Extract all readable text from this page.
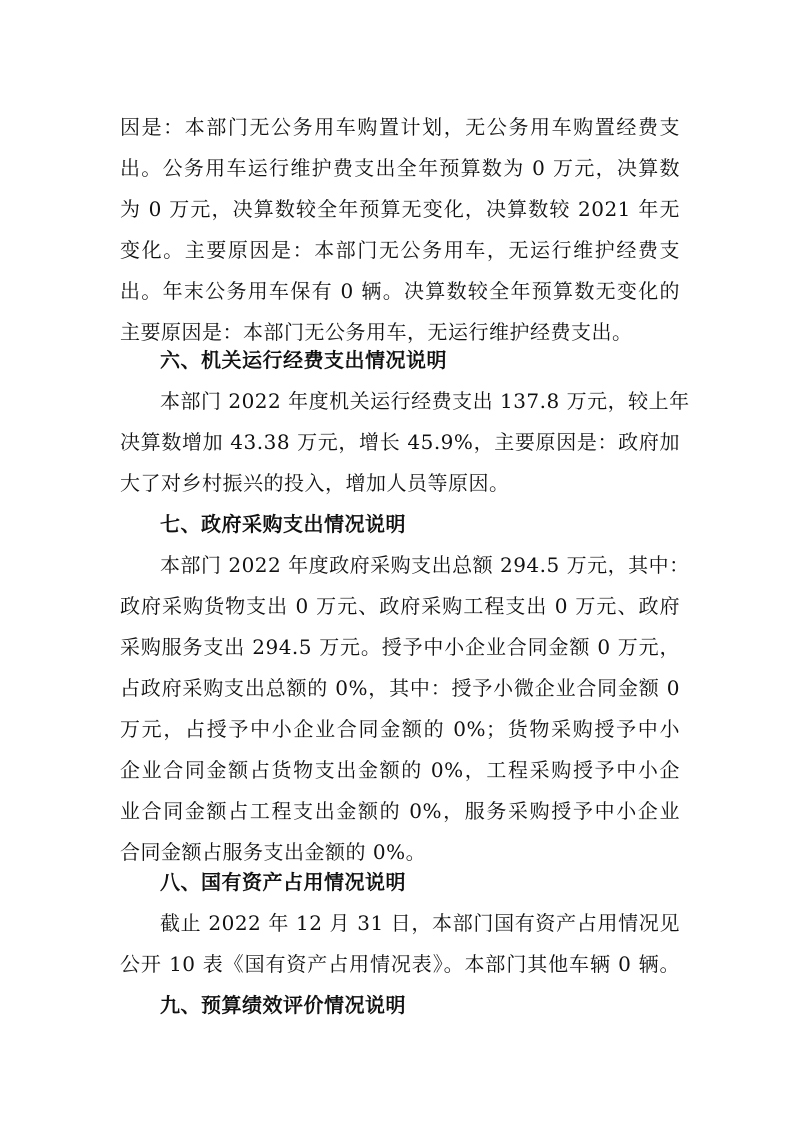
因是：本部门无公务用车购置计划，无公务用车购置经费支
出。公务用车运行维护费支出全年预算数为 0 万元，决算数
为 0 万元，决算数较全年预算无变化，决算数较 2021 年无
变化。主要原因是：本部门无公务用车，无运行维护经费支
出。年末公务用车保有 0 辆。决算数较全年预算数无变化的
主要原因是：本部门无公务用车，无运行维护经费支出。
六、机关运行经费支出情况说明
本部门 2022 年度机关运行经费支出 137.8 万元，较上年
决算数增加 43.38 万元，增长 45.9%，主要原因是：政府加
大了对乡村振兴的投入，增加人员等原因。
七、政府采购支出情况说明
本部门 2022 年度政府采购支出总额 294.5 万元，其中：
政府采购货物支出 0 万元、政府采购工程支出 0 万元、政府
采购服务支出 294.5 万元。授予中小企业合同金额 0 万元，
占政府采购支出总额的 0%，其中：授予小微企业合同金额 0
万元，占授予中小企业合同金额的 0%；货物采购授予中小
企业合同金额占货物支出金额的 0%，工程采购授予中小企
业合同金额占工程支出金额的 0%，服务采购授予中小企业
合同金额占服务支出金额的 0%。
八、国有资产占用情况说明
截止 2022 年 12 月 31 日，本部门国有资产占用情况见
公开 10 表《国有资产占用情况表》。本部门其他车辆 0 辆。
九、预算绩效评价情况说明
